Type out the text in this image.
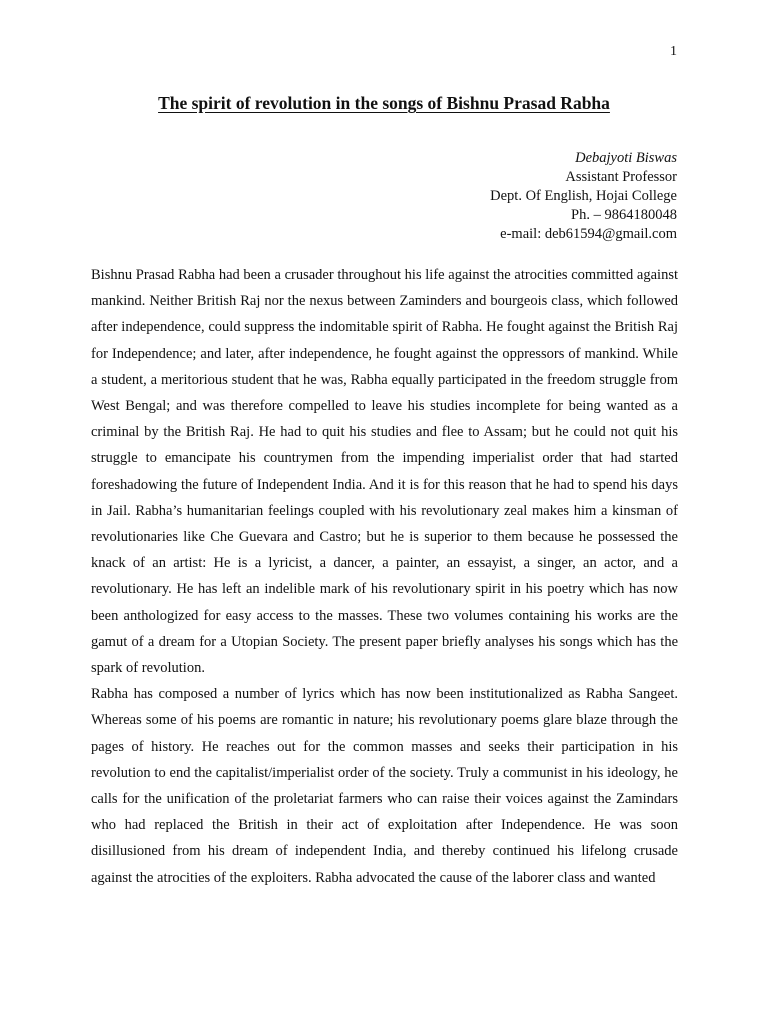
1
The spirit of revolution in the songs of Bishnu Prasad Rabha
Debajyoti Biswas
Assistant Professor
Dept. Of English, Hojai College
Ph. – 9864180048
e-mail: deb61594@gmail.com

Bishnu Prasad Rabha had been a crusader throughout his life against the atrocities committed against mankind. Neither British Raj nor the nexus between Zaminders and bourgeois class, which followed after independence, could suppress the indomitable spirit of Rabha. He fought against the British Raj for Independence; and later, after independence, he fought against the oppressors of mankind. While a student, a meritorious student that he was, Rabha equally participated in the freedom struggle from West Bengal; and was therefore compelled to leave his studies incomplete for being wanted as a criminal by the British Raj. He had to quit his studies and flee to Assam; but he could not quit his struggle to emancipate his countrymen from the impending imperialist order that had started foreshadowing the future of Independent India. And it is for this reason that he had to spend his days in Jail. Rabha’s humanitarian feelings coupled with his revolutionary zeal makes him a kinsman of revolutionaries like Che Guevara and Castro; but he is superior to them because he possessed the knack of an artist: He is a lyricist, a dancer, a painter, an essayist, a singer, an actor, and a revolutionary. He has left an indelible mark of his revolutionary spirit in his poetry which has now been anthologized for easy access to the masses. These two volumes containing his works are the gamut of a dream for a Utopian Society. The present paper briefly analyses his songs which has the spark of revolution.

Rabha has composed a number of lyrics which has now been institutionalized as Rabha Sangeet. Whereas some of his poems are romantic in nature; his revolutionary poems glare blaze through the pages of history. He reaches out for the common masses and seeks their participation in his revolution to end the capitalist/imperialist order of the society. Truly a communist in his ideology, he calls for the unification of the proletariat farmers who can raise their voices against the Zamindars who had replaced the British in their act of exploitation after Independence. He was soon disillusioned from his dream of independent India, and thereby continued his lifelong crusade against the atrocities of the exploiters. Rabha advocated the cause of the laborer class and wanted
